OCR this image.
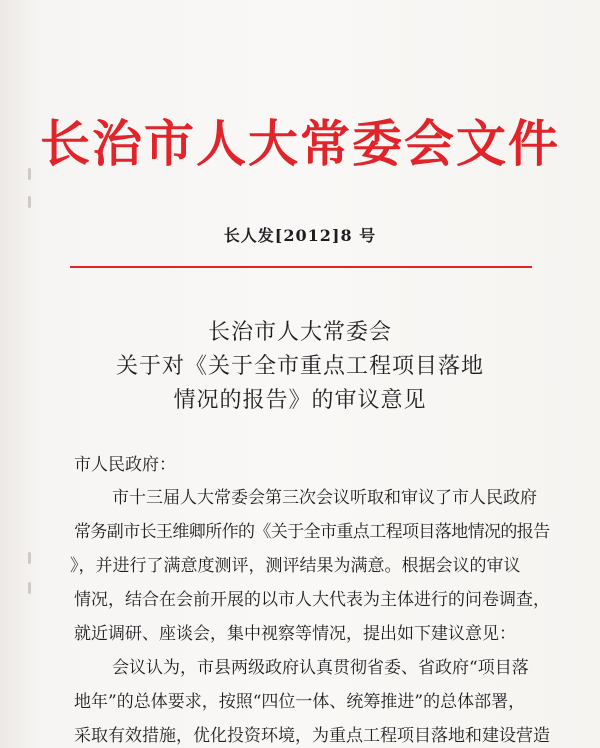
长治市人大常委会文件
长人发[2012]8 号
长治市人大常委会
关于对《关于全市重点工程项目落地
情况的报告》的审议意见
市人民政府：
市十三届人大常委会第三次会议听取和审议了市人民政府
常务副市长王维卿所作的《关于全市重点工程项目落地情况的报告
》，并进行了满意度测评，测评结果为满意。根据会议的审议
情况，结合在会前开展的以市人大代表为主体进行的问卷调查，
就近调研、座谈会，集中视察等情况，提出如下建议意见：
会议认为，市县两级政府认真贯彻省委、省政府“项目落
地年”的总体要求，按照“四位一体、统筹推进”的总体部署，
采取有效措施，优化投资环境，为重点工程项目落地和建设营造
